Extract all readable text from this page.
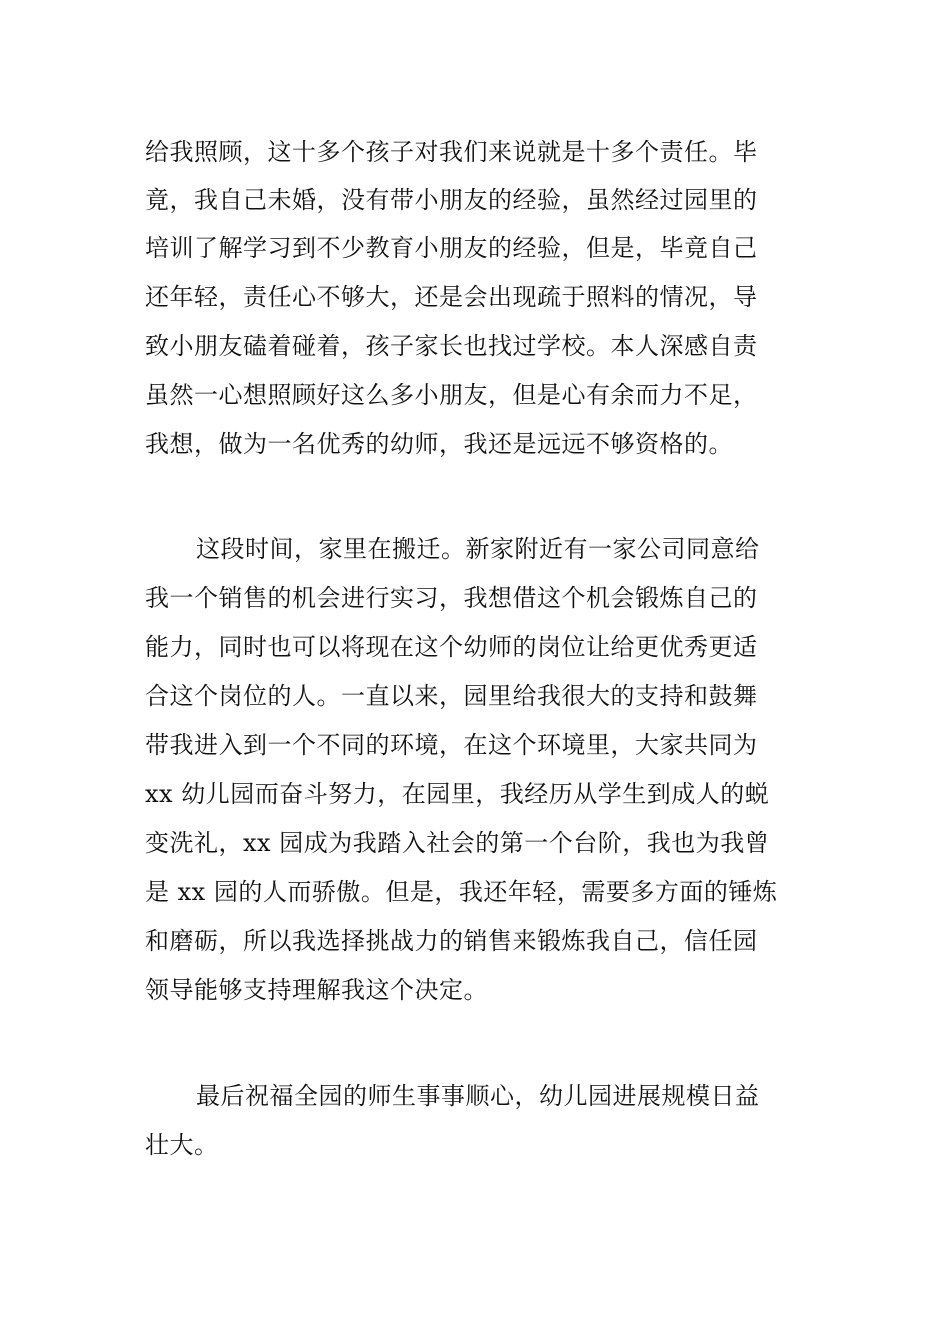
给我照顾，这十多个孩子对我们来说就是十多个责任。毕

竟，我自己未婚，没有带小朋友的经验，虽然经过园里的

培训了解学习到不少教育小朋友的经验，但是，毕竟自己

还年轻，责任心不够大，还是会出现疏于照料的情况，导

致小朋友磕着碰着，孩子家长也找过学校。本人深感自责

虽然一心想照顾好这么多小朋友，但是心有余而力不足，

我想，做为一名优秀的幼师，我还是远远不够资格的。

这段时间，家里在搬迁。新家附近有一家公司同意给

我一个销售的机会进行实习，我想借这个机会锻炼自己的

能力，同时也可以将现在这个幼师的岗位让给更优秀更适

合这个岗位的人。一直以来，园里给我很大的支持和鼓舞

带我进入到一个不同的环境，在这个环境里，大家共同为

xx 幼儿园而奋斗努力，在园里，我经历从学生到成人的蜕

变洗礼，xx 园成为我踏入社会的第一个台阶，我也为我曾

是 xx 园的人而骄傲。但是，我还年轻，需要多方面的锤炼

和磨砺，所以我选择挑战力的销售来锻炼我自己，信任园

领导能够支持理解我这个决定。

最后祝福全园的师生事事顺心，幼儿园进展规模日益

壮大。
